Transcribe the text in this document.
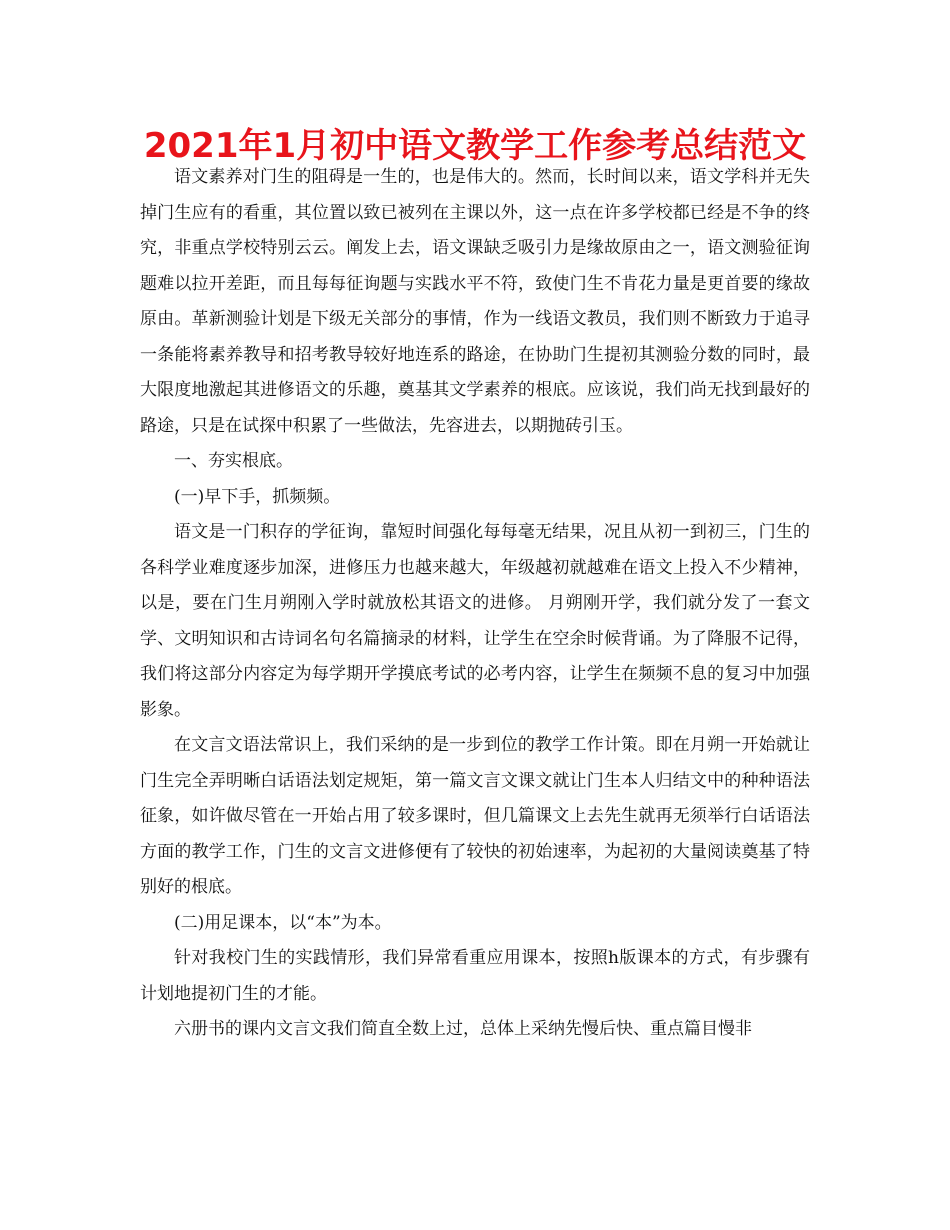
2021年1月初中语文教学工作参考总结范文

语文素养对门生的阻碍是一生的，也是伟大的。然而，长时间以来，语文学科并无失掉门生应有的看重，其位置以致已被列在主课以外，这一点在许多学校都已经是不争的终究，非重点学校特别云云。阐发上去，语文课缺乏吸引力是缘故原由之一，语文测验征询题难以拉开差距，而且每每征询题与实践水平不符，致使门生不肯花力量是更首要的缘故原由。革新测验计划是下级无关部分的事情，作为一线语文教员，我们则不断致力于追寻一条能将素养教导和招考教导较好地连系的路途，在协助门生提初其测验分数的同时，最大限度地激起其进修语文的乐趣，奠基其文学素养的根底。应该说，我们尚无找到最好的路途，只是在试探中积累了一些做法，先容进去，以期抛砖引玉。

一、夯实根底。

(一)早下手，抓频频。

语文是一门积存的学征询，靠短时间强化每每毫无结果，况且从初一到初三，门生的各科学业难度逐步加深，进修压力也越来越大，年级越初就越难在语文上投入不少精神，以是，要在门生月朔刚入学时就放松其语文的进修。 月朔刚开学，我们就分发了一套文学、文明知识和古诗词名句名篇摘录的材料，让学生在空余时候背诵。为了降服不记得，我们将这部分内容定为每学期开学摸底考试的必考内容，让学生在频频不息的复习中加强影象。

在文言文语法常识上，我们采纳的是一步到位的教学工作计策。即在月朔一开始就让门生完全弄明晰白话语法划定规矩，第一篇文言文课文就让门生本人归结文中的种种语法征象，如许做尽管在一开始占用了较多课时，但几篇课文上去先生就再无须举行白话语法方面的教学工作，门生的文言文进修便有了较快的初始速率，为起初的大量阅读奠基了特别好的根底。

(二)用足课本，以“本”为本。

针对我校门生的实践情形，我们异常看重应用课本，按照h版课本的方式，有步骤有计划地提初门生的才能。

六册书的课内文言文我们简直全数上过，总体上采纳先慢后快、重点篇目慢非
